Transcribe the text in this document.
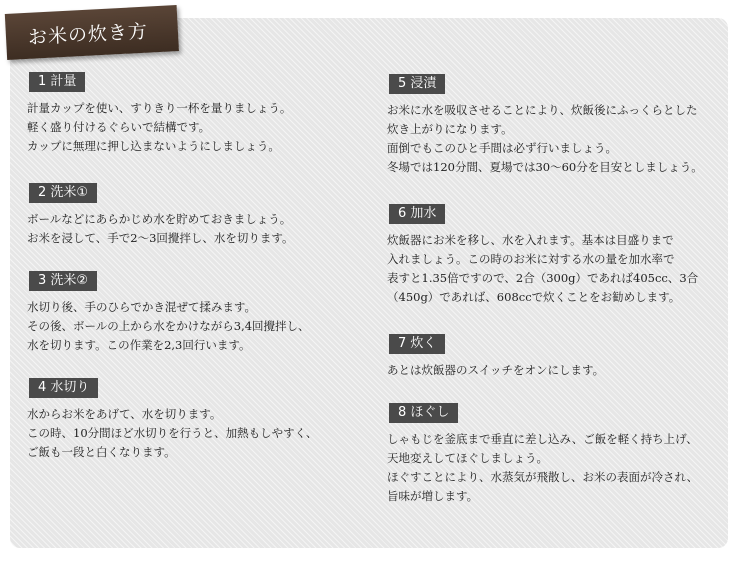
お米の炊き方
1 計量
計量カップを使い、すりきり一杯を量りましょう。
軽く盛り付けるぐらいで結構です。
カップに無理に押し込まないようにしましょう。
2 洗米①
ボールなどにあらかじめ水を貯めておきましょう。
お米を浸して、手で2～3回攪拌し、水を切ります。
3 洗米②
水切り後、手のひらでかき混ぜて揉みます。
その後、ボールの上から水をかけながら3,4回攪拌し、
水を切ります。この作業を2,3回行います。
4 水切り
水からお米をあげて、水を切ります。
この時、10分間ほど水切りを行うと、加熱もしやすく、
ご飯も一段と白くなります。
5 浸漬
お米に水を吸収させることにより、炊飯後にふっくらとした
炊き上がりになります。
面倒でもこのひと手間は必ず行いましょう。
冬場では120分間、夏場では30～60分を目安としましょう。
6 加水
炊飯器にお米を移し、水を入れます。基本は目盛りまで
入れましょう。この時のお米に対する水の量を加水率で
表すと1.35倍ですので、2合（300g）であれば405cc、3合
（450g）であれば、608ccで炊くことをお勧めします。
7 炊く
あとは炊飯器のスイッチをオンにします。
8 ほぐし
しゃもじを釜底まで垂直に差し込み、ご飯を軽く持ち上げ、
天地変えしてほぐしましょう。
ほぐすことにより、水蒸気が飛散し、お米の表面が冷され、
旨味が増します。
